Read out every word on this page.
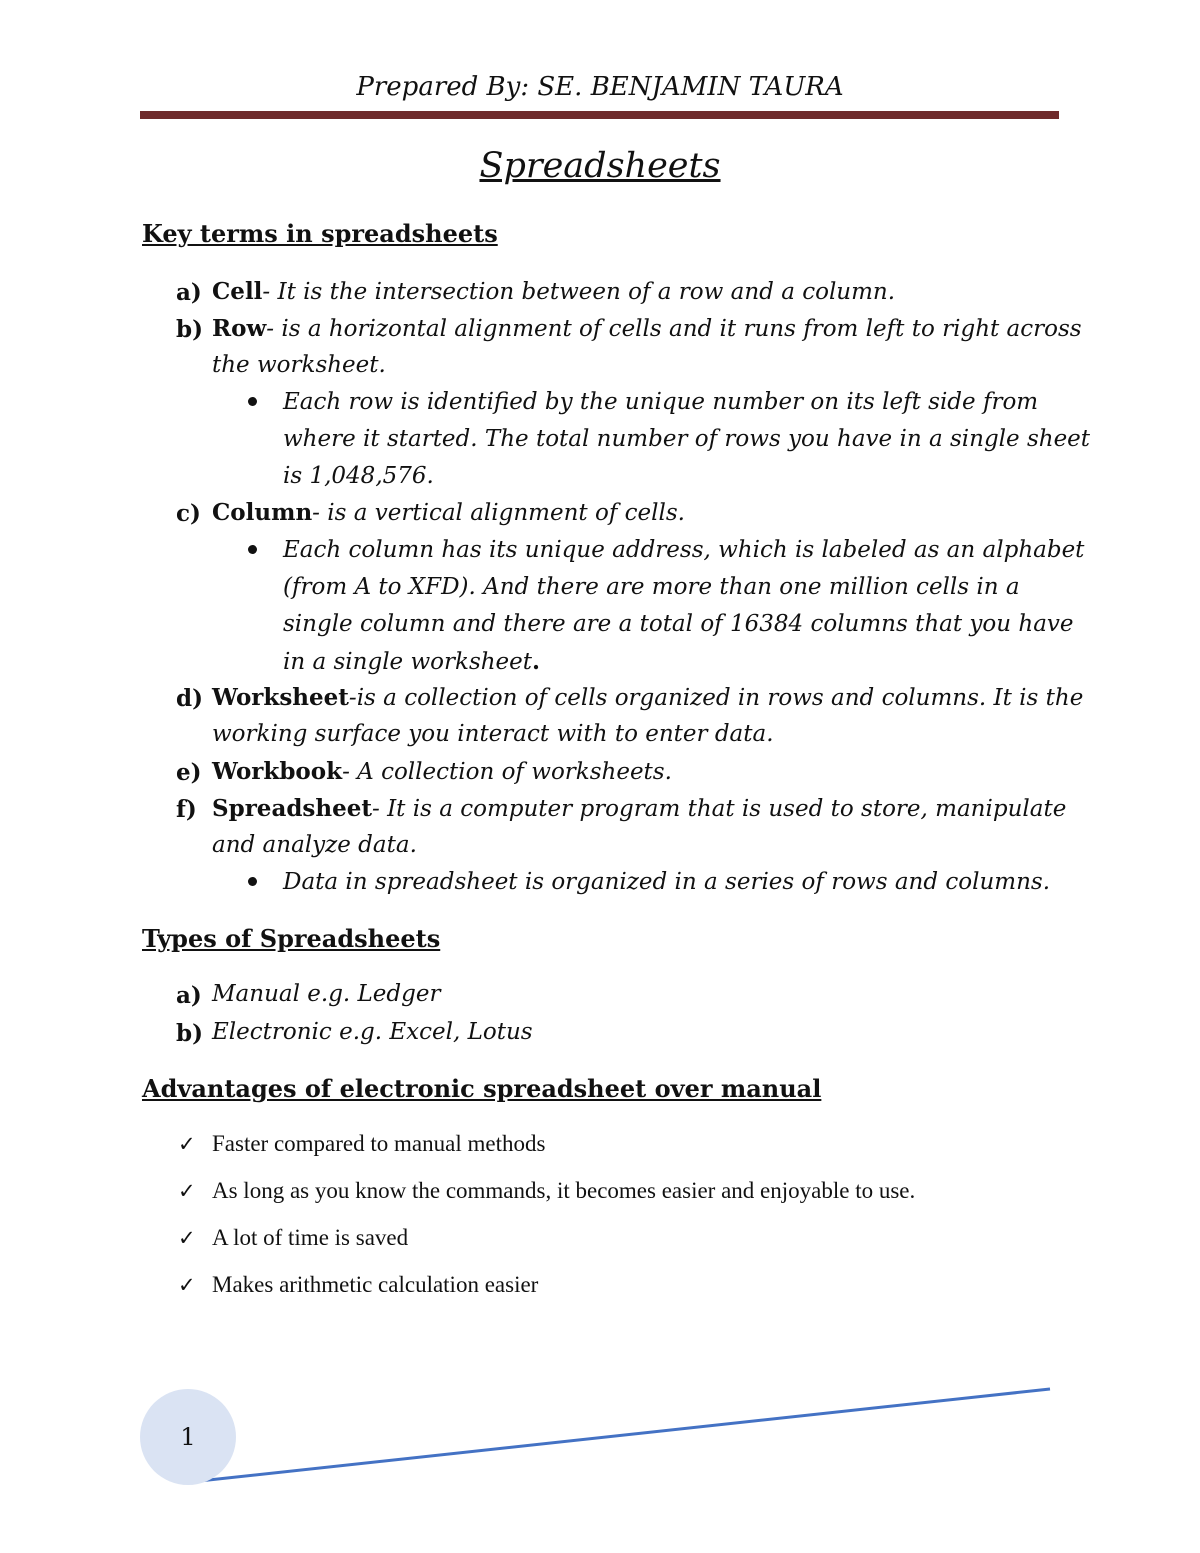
Prepared By: SE. BENJAMIN TAURA
Spreadsheets
Key terms in spreadsheets
a) Cell- It is the intersection between of a row and a column.
b) Row- is a horizontal alignment of cells and it runs from left to right across
the worksheet.
Each row is identified by the unique number on its left side from
where it started. The total number of rows you have in a single sheet
is 1,048,576.
c) Column- is a vertical alignment of cells.
Each column has its unique address, which is labeled as an alphabet
(from A to XFD). And there are more than one million cells in a
single column and there are a total of 16384 columns that you have
in a single worksheet.
d) Worksheet-is a collection of cells organized in rows and columns. It is the
working surface you interact with to enter data.
e) Workbook- A collection of worksheets.
f) Spreadsheet- It is a computer program that is used to store, manipulate
and analyze data.
Data in spreadsheet is organized in a series of rows and columns.
Types of Spreadsheets
a) Manual e.g. Ledger
b) Electronic e.g. Excel, Lotus
Advantages of electronic spreadsheet over manual
✓ Faster compared to manual methods
✓ As long as you know the commands, it becomes easier and enjoyable to use.
✓ A lot of time is saved
✓ Makes arithmetic calculation easier
1
